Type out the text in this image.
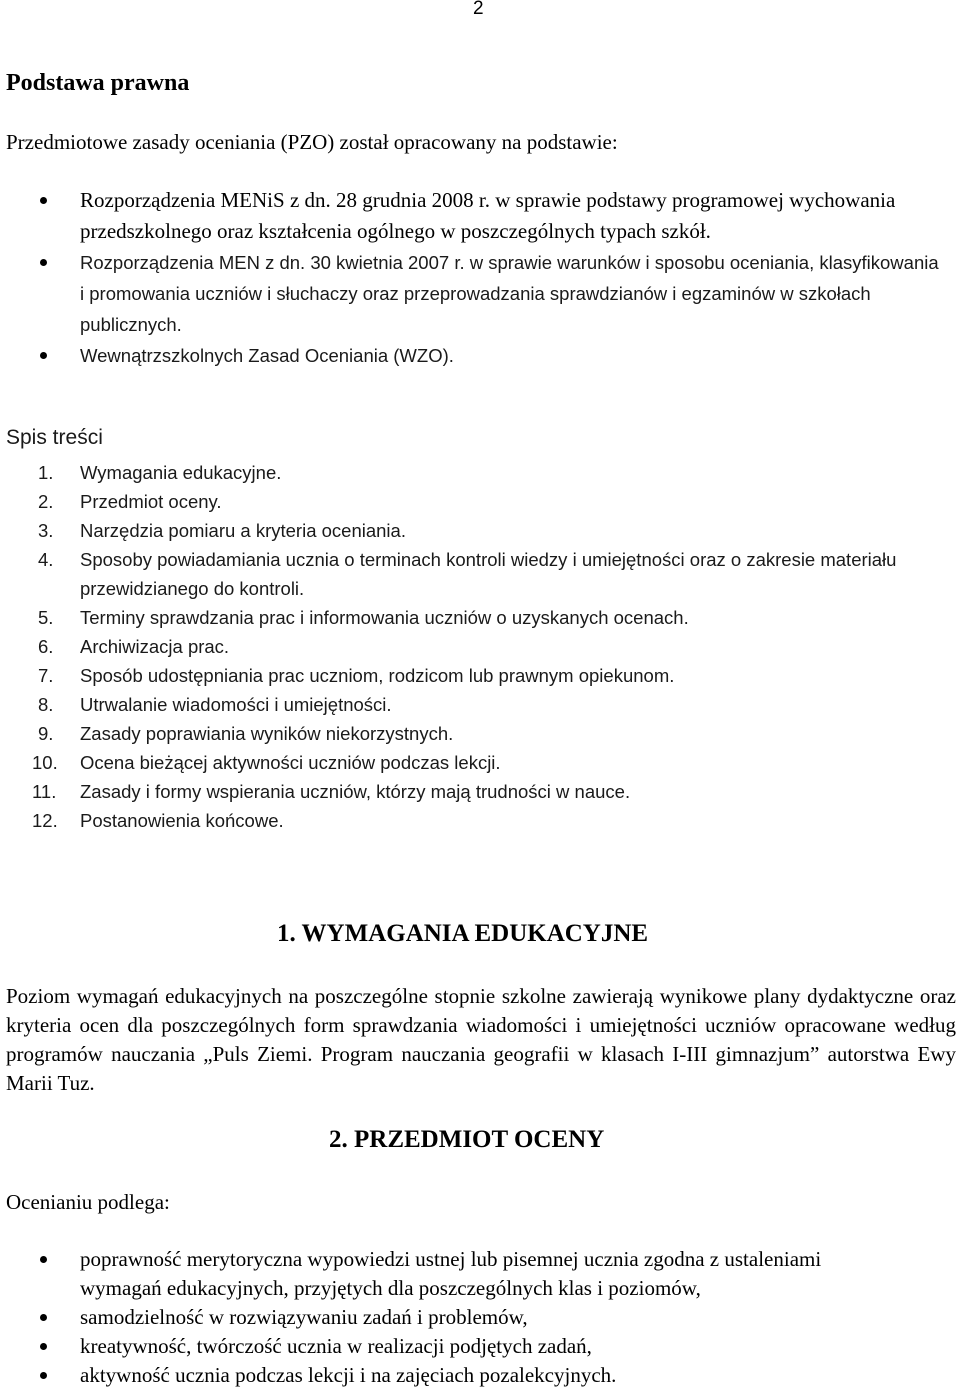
2
Podstawa prawna
Przedmiotowe zasady oceniania (PZO) został opracowany na podstawie:
Rozporządzenia MENiS z dn. 28 grudnia 2008 r. w sprawie podstawy programowej wychowania przedszkolnego oraz kształcenia ogólnego w poszczególnych typach szkół.
Rozporządzenia MEN z dn. 30 kwietnia 2007 r. w sprawie warunków i sposobu oceniania, klasyfikowania i promowania uczniów i słuchaczy oraz przeprowadzania sprawdzianów i egzaminów w szkołach publicznych.
Wewnątrzszkolnych Zasad Oceniania (WZO).
Spis treści
1. Wymagania edukacyjne.
2. Przedmiot oceny.
3. Narzędzia pomiaru a kryteria oceniania.
4. Sposoby powiadamiania ucznia o terminach kontroli wiedzy i umiejętności oraz o zakresie materiału przewidzianego do kontroli.
5. Terminy sprawdzania prac i informowania uczniów o uzyskanych ocenach.
6. Archiwizacja prac.
7. Sposób udostępniania prac uczniom, rodzicom lub prawnym opiekunom.
8. Utrwalanie wiadomości i umiejętności.
9. Zasady poprawiania wyników niekorzystnych.
10. Ocena bieżącej aktywności uczniów podczas lekcji.
11. Zasady i formy wspierania uczniów, którzy mają trudności w nauce.
12. Postanowienia końcowe.
1. WYMAGANIA EDUKACYJNE
Poziom wymagań edukacyjnych na poszczególne stopnie szkolne zawierają wynikowe plany dydaktyczne oraz kryteria ocen dla poszczególnych form sprawdzania wiadomości i umiejętności uczniów opracowane według programów nauczania „Puls Ziemi. Program nauczania geografii w klasach I-III gimnazjum” autorstwa Ewy Marii Tuz.
2. PRZEDMIOT OCENY
Ocenianiu podlega:
poprawność merytoryczna wypowiedzi ustnej lub pisemnej ucznia zgodna z ustaleniami wymagań edukacyjnych, przyjętych dla poszczególnych klas i poziomów,
samodzielność w rozwiązywaniu zadań i problemów,
kreatywność, twórczość ucznia w realizacji podjętych zadań,
aktywność ucznia podczas lekcji i na zajęciach pozalekcyjnych.
